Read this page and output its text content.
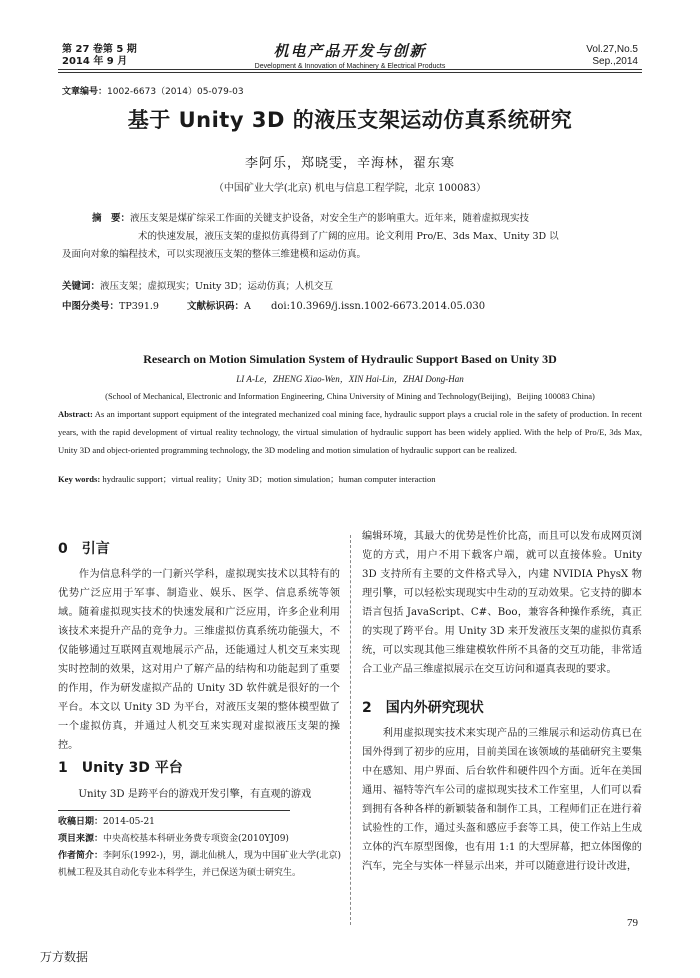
第 27 卷第 5 期
2014 年 9 月
机电产品开发与创新
Development & Innovation of Machinery & Electrical Products
Vol.27,No.5
Sep.,2014
文章编号：1002-6673（2014）05-079-03
基于 Unity 3D 的液压支架运动仿真系统研究
李阿乐，郑晓雯，辛海林，翟东寒
（中国矿业大学(北京) 机电与信息工程学院，北京 100083）

摘　要：液压支架是煤矿综采工作面的关键支护设备，对安全生产的影响重大。近年来，随着虚拟现实技

术的快速发展，液压支架的虚拟仿真得到了广阔的应用。论文利用 Pro/E、3ds Max、Unity 3D 以

及面向对象的编程技术，可以实现液压支架的整体三维建模和运动仿真。

关键词：液压支架；虚拟现实；Unity 3D；运动仿真；人机交互
中图分类号：TP391.9	文献标识码：A doi:10.3969/j.issn.1002-6673.2014.05.030
Research on Motion Simulation System of Hydraulic Support Based on Unity 3D
LI A-Le，ZHENG Xiao-Wen，XIN Hai-Lin，ZHAI Dong-Han
(School of Mechanical, Electronic and Information Engineering, China University of Mining and Technology(Beijing)，Beijing 100083 China)
Abstract: As an important support equipment of the integrated mechanized coal mining face, hydraulic support plays a crucial role in the safety of production. In recent years, with the rapid development of virtual reality technology, the virtual simulation of hydraulic support has been widely applied. With the help of Pro/E, 3ds Max, Unity 3D and object-oriented programming technology, the 3D modeling and motion simulation of hydraulic support can be realized.
Key words: hydraulic support；virtual reality；Unity 3D；motion simulation；human computer interaction
0　引言

　　作为信息科学的一门新兴学科，虚拟现实技术以其特有的优势广泛应用于军事、制造业、娱乐、医学、信息系统等领域。随着虚拟现实技术的快速发展和广泛应用，许多企业利用该技术来提升产品的竞争力。三维虚拟仿真系统功能强大，不仅能够通过互联网直观地展示产品，还能通过人机交互来实现实时控制的效果，这对用户了解产品的结构和功能起到了重要的作用，作为研发虚拟产品的 Unity 3D 软件就是很好的一个平台。本文以 Unity 3D 为平台，对液压支架的整体模型做了一个虚拟仿真，并通过人机交互来实现对虚拟液压支架的操控。

1　Unity 3D 平台

　　Unity 3D 是跨平台的游戏开发引擎，有直观的游戏

收稿日期：2014-05-21
项目来源：中央高校基本科研业务费专项资金(2010YJ09)
作者简介：李阿乐(1992-)，男，湖北仙桃人，现为中国矿业大学(北京)机械工程及其自动化专业本科学生，并已保送为硕士研究生。

编辑环境，其最大的优势是性价比高，而且可以发布成网页浏览的方式，用户不用下载客户端，就可以直接体验。Unity 3D 支持所有主要的文件格式导入，内建 NVIDIA PhysX 物理引擎，可以轻松实现现实中生动的互动效果。它支持的脚本语言包括 JavaScript、C#、Boo，兼容各种操作系统，真正的实现了跨平台。用 Unity 3D 来开发液压支架的虚拟仿真系统，可以实现其他三维建模软件所不具备的交互功能，非常适合工业产品三维虚拟展示在交互访问和逼真表现的要求。

2　国内外研究现状

　　利用虚拟现实技术来实现产品的三维展示和运动仿真已在国外得到了初步的应用，目前美国在该领域的基础研究主要集中在感知、用户界面、后台软件和硬件四个方面。近年在美国通用、福特等汽车公司的虚拟现实技术工作室里，人们可以看到拥有各种各样的新颖装备和制作工具，工程师们正在进行着试验性的工作，通过头盔和感应手套等工具，使工作站上生成立体的汽车原型图像，也有用 1:1 的大型屏幕，把立体图像的汽车，完全与实体一样显示出来，并可以随意进行设计改进，

79
万方数据
